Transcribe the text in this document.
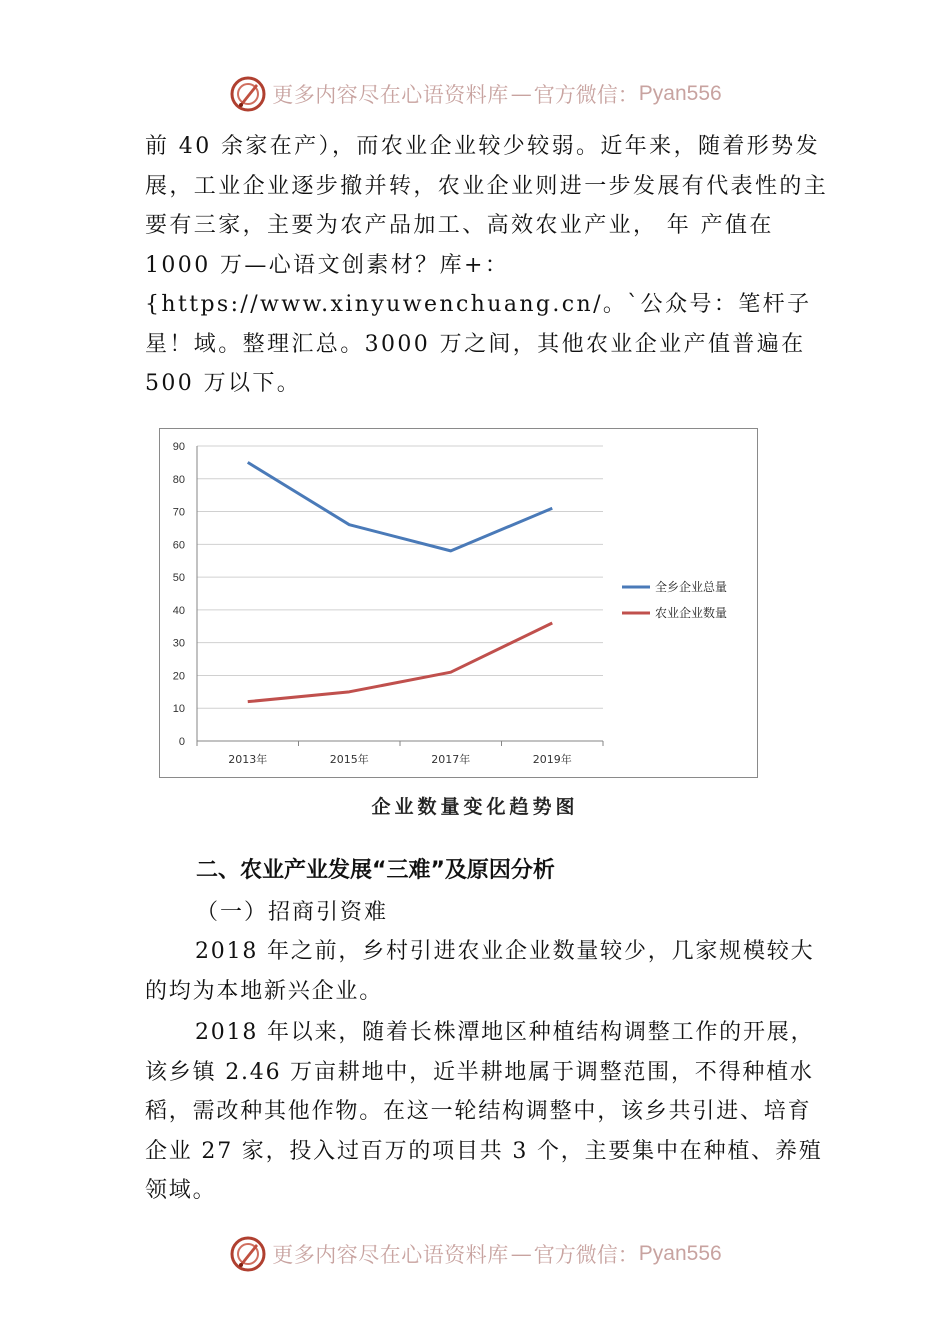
更多内容尽在心语资料库 — 官方微信： Pyan556

前 40 余家在产），而农业企业较少较弱。近年来，随着形势发展，工业企业逐步撤并转，农业企业则进一步发展有代表性的主要有三家，主要为农产品加工、高效农业产业， 年 产值在 1000 万—心语文创素材？库+：{https://www.xinyuwenchuang.cn/。`公众号：笔杆子星！域。整理汇总。3000 万之间，其他农业企业产值普遍在 500 万以下。

0
10
20
30
40
50
60
70
80
90
2013年	2015年	2017年	2019年
全乡企业总量
农业企业数量
企业数量变化趋势图
二、农业产业发展“三难”及原因分析
（一）招商引资难

2018 年之前，乡村引进农业企业数量较少，几家规模较大的均为本地新兴企业。

2018 年以来，随着长株潭地区种植结构调整工作的开展，该乡镇 2.46 万亩耕地中，近半耕地属于调整范围，不得种植水稻，需改种其他作物。在这一轮结构调整中，该乡共引进、培育企业 27 家，投入过百万的项目共 3 个，主要集中在种植、养殖领域。

更多内容尽在心语资料库 — 官方微信： Pyan556
